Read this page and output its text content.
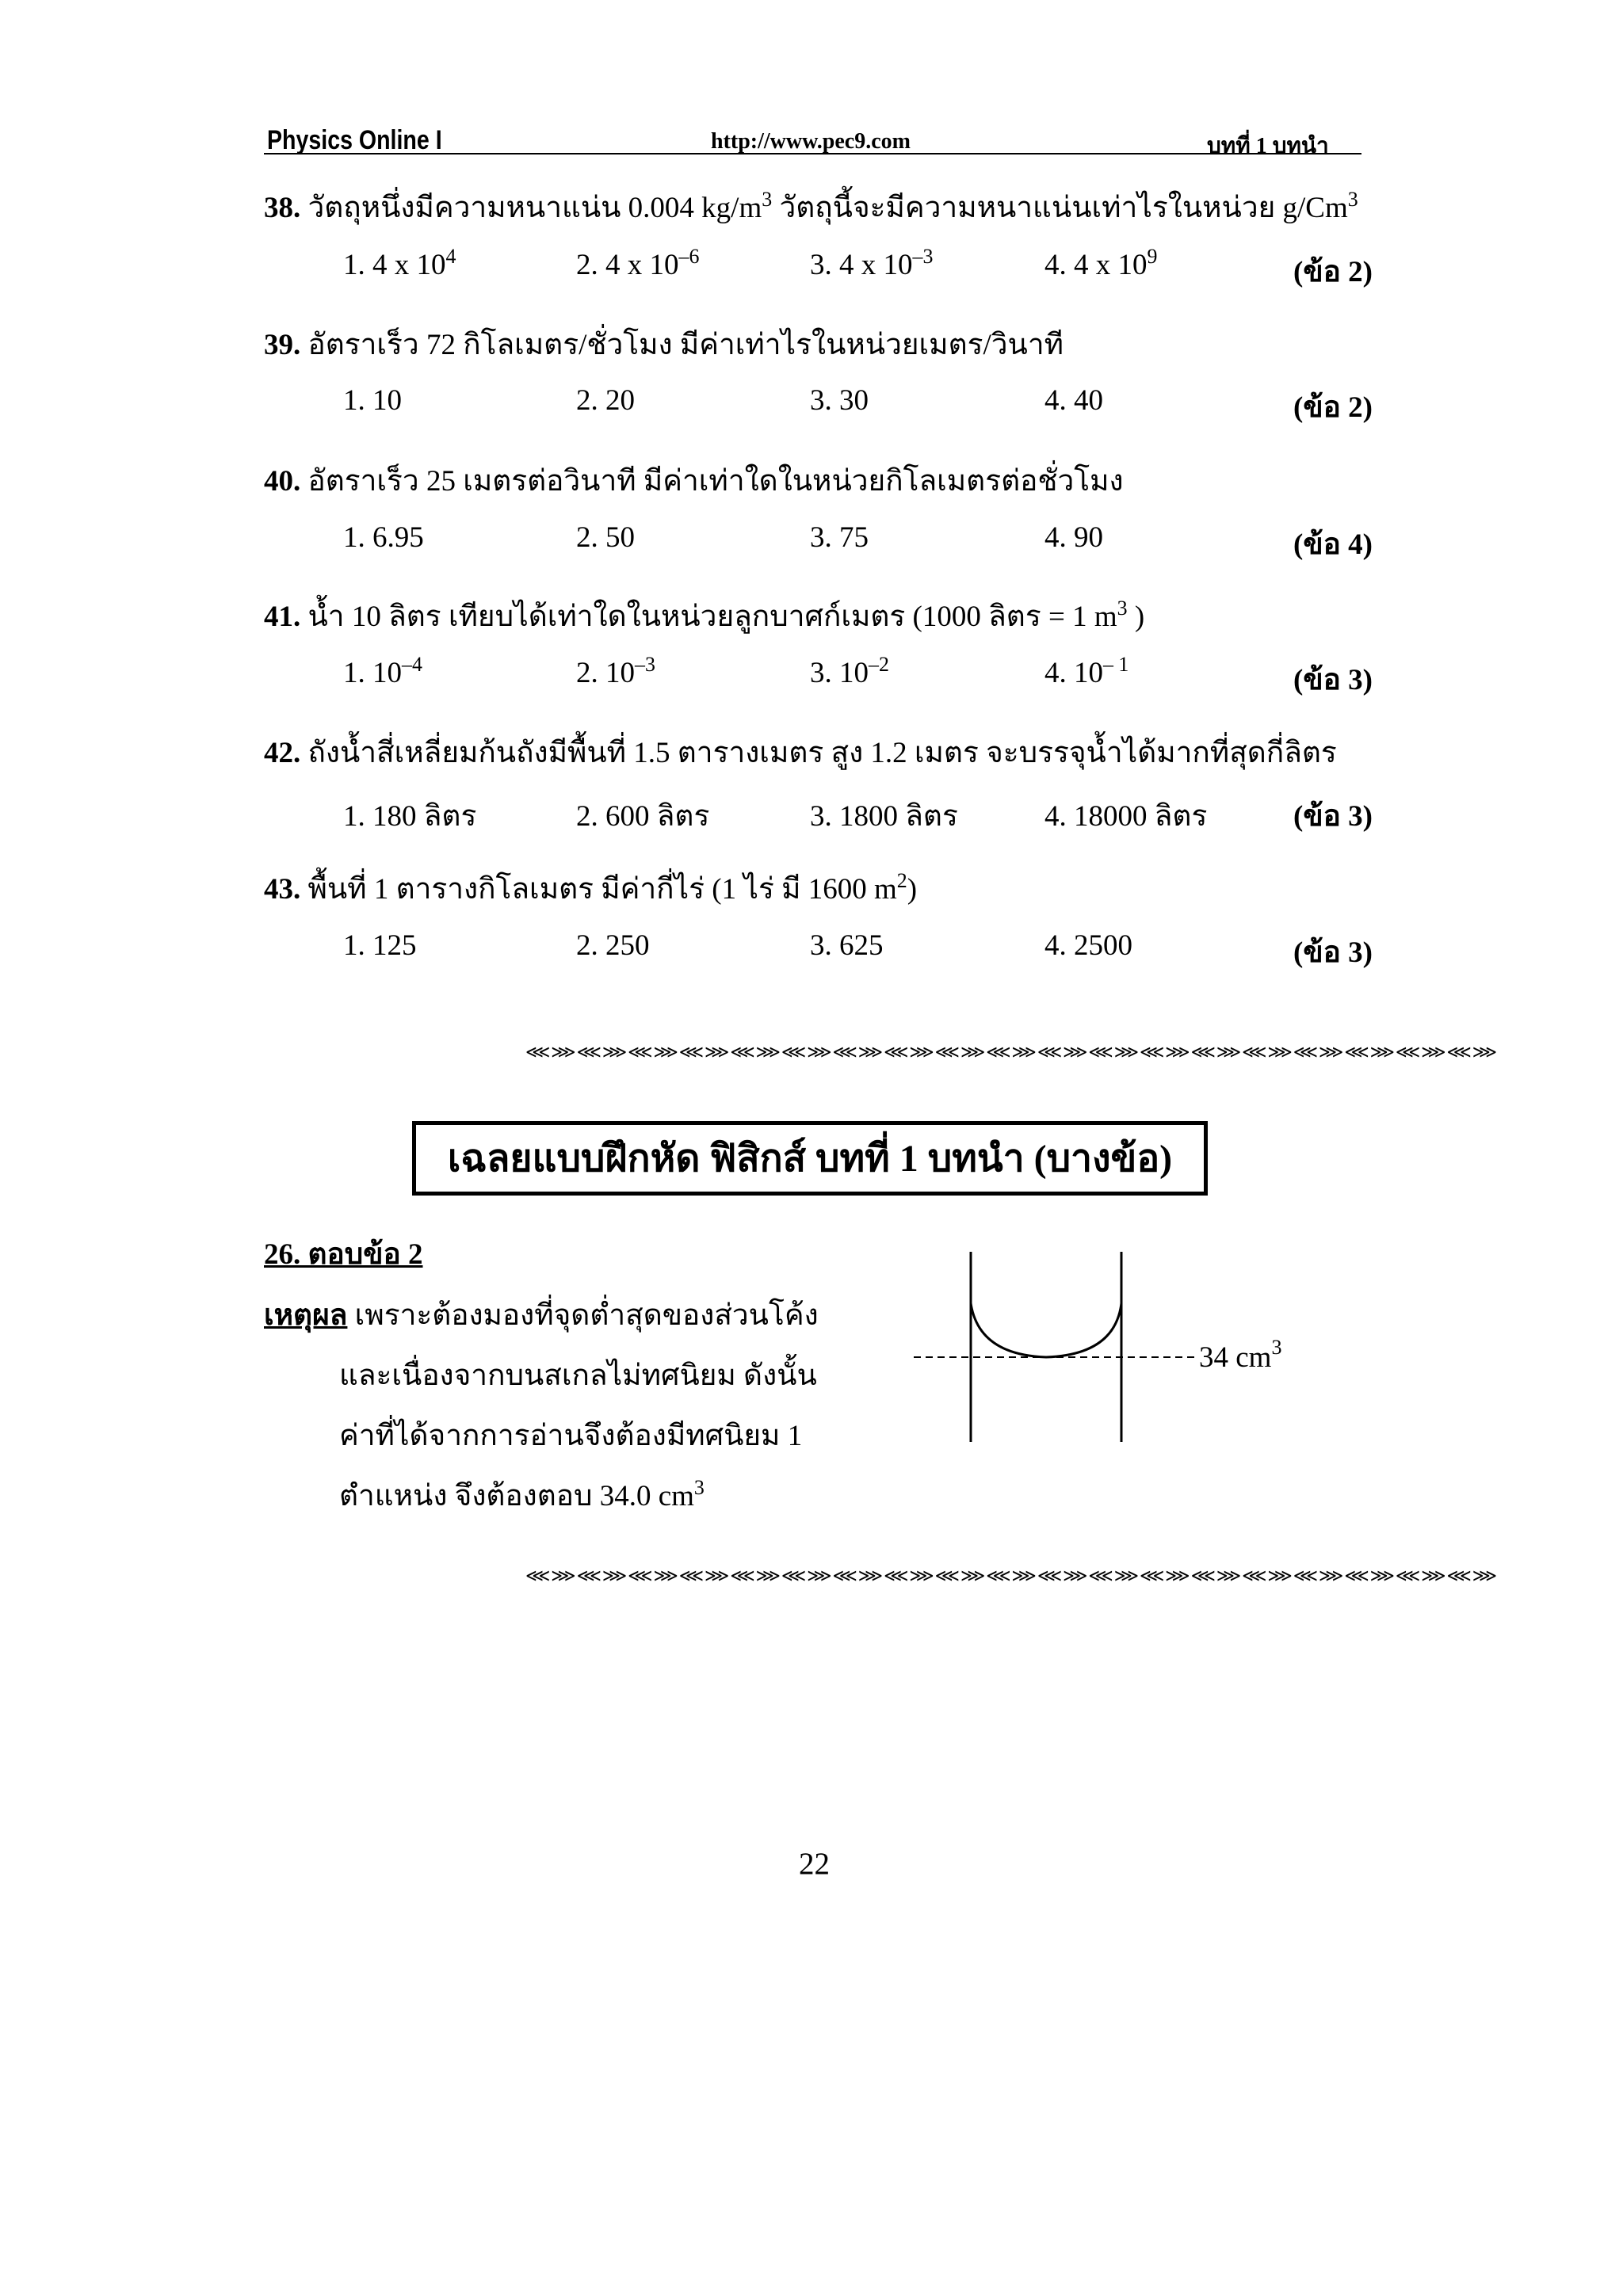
Physics Online I	http://www.pec9.com	บทที่ 1 บทนำ
38. วัตถุหนึ่งมีความหนาแน่น 0.004 $kg/m^3$ วัตถุนี้จะมีความหนาแน่นเท่าไรในหน่วย g/Cm$^3$
1. 4 x $10^4$	2. 4 x $10^{-6}$	3. 4 x $10^{-3}$	4. 4 x $10^9$	(ข้อ 2)
39. อัตราเร็ว 72 กิโลเมตร/ชั่วโมง มีค่าเท่าไรในหน่วยเมตร/วินาที
1. 10	2. 20	3. 30	4. 40	(ข้อ 2)
40. อัตราเร็ว 25 เมตรต่อวินาที มีค่าเท่าใดในหน่วยกิโลเมตรต่อชั่วโมง
1. 6.95	2. 50	3. 75	4. 90	(ข้อ 4)
41. น้ำ 10 ลิตร เทียบได้เท่าใดในหน่วยลูกบาศก์เมตร (1000 ลิตร = 1 $m^3$ )
1. $10^{-4}$	2. $10^{-3}$	3. $10^{-2}$	4. $10^{- 1}$	(ข้อ 3)
42. ถังน้ำสี่เหลี่ยมก้นถังมีพื้นที่ 1.5 ตารางเมตร สูง 1.2 เมตร จะบรรจุน้ำได้มากที่สุดกี่ลิตร
1. 180 ลิตร	2. 600 ลิตร	3. 1800 ลิตร	4. 18000 ลิตร	(ข้อ 3)
43. พื้นที่ 1 ตารางกิโลเมตร มีค่ากี่ไร่ (1 ไร่ มี 1600 $m^2$)
1. 125	2. 250	3. 625	4. 2500	(ข้อ 3)
⋘⋙⋘⋙⋘⋙⋘⋙⋘⋙⋘⋙⋘⋙⋘⋙⋘⋙⋘⋙⋘⋙⋘⋙⋘⋙⋘⋙⋘⋙⋘⋙⋘⋙⋘⋙⋘⋙
เฉลยแบบฝึกหัด ฟิสิกส์ บทที่ 1 บทนำ (บางข้อ)
26. ตอบข้อ 2
เหตุผล เพราะต้องมองที่จุดต่ำสุดของส่วนโค้ง
และเนื่องจากบนสเกลไม่ทศนิยม ดังนั้น
ค่าที่ได้จากการอ่านจึงต้องมีทศนิยม 1
ตำแหน่ง จึงต้องตอบ 34.0 $cm^3$
34 $cm^3$
⋘⋙⋘⋙⋘⋙⋘⋙⋘⋙⋘⋙⋘⋙⋘⋙⋘⋙⋘⋙⋘⋙⋘⋙⋘⋙⋘⋙⋘⋙⋘⋙⋘⋙⋘⋙⋘⋙
22
